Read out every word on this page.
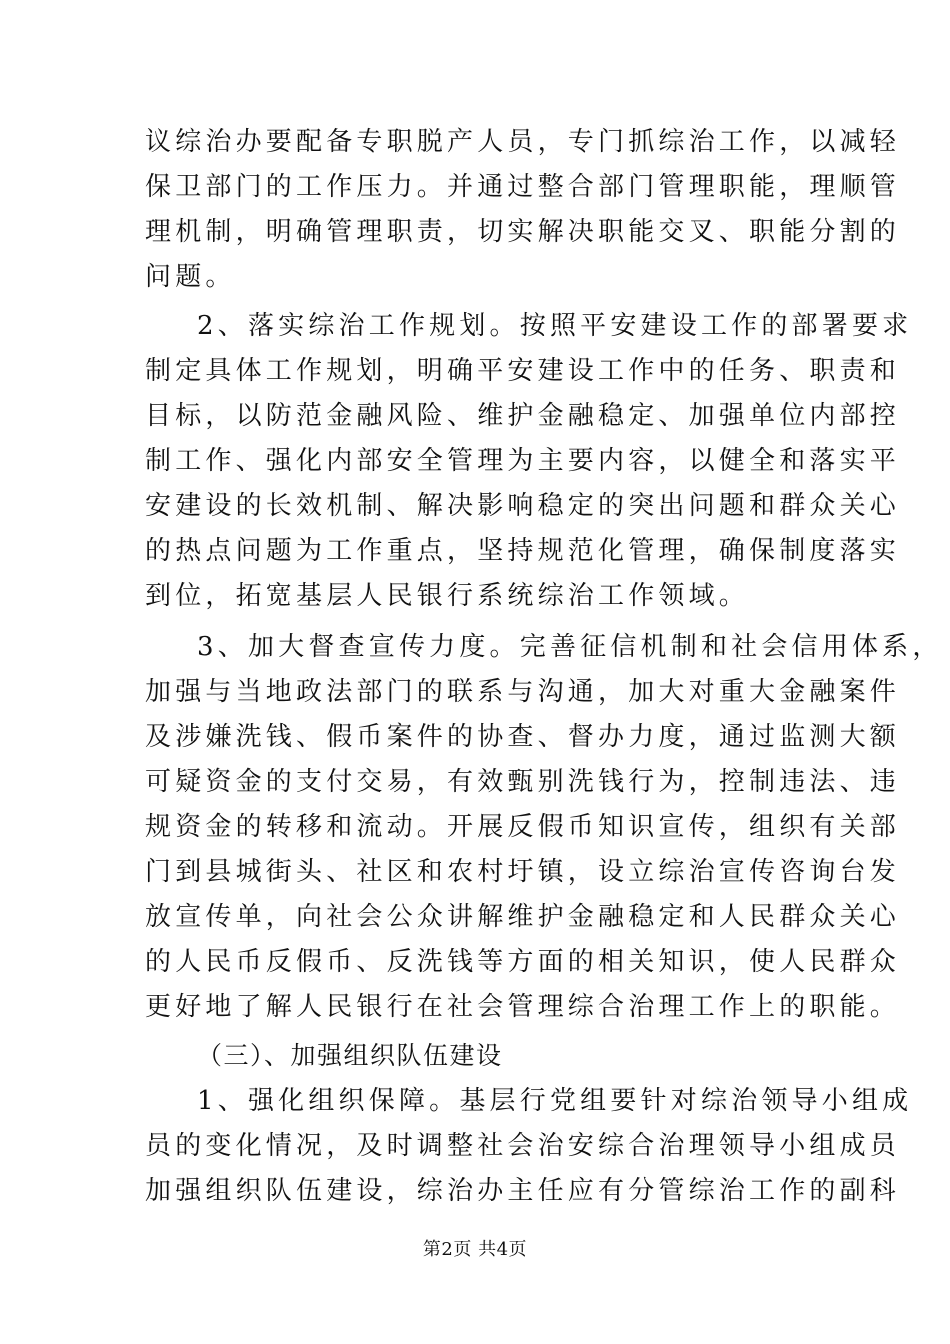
议综治办要配备专职脱产人员，专门抓综治工作，以减轻
保卫部门的工作压力。并通过整合部门管理职能，理顺管
理机制，明确管理职责，切实解决职能交叉、职能分割的
问题。
2、落实综治工作规划。按照平安建设工作的部署要求
制定具体工作规划，明确平安建设工作中的任务、职责和
目标，以防范金融风险、维护金融稳定、加强单位内部控
制工作、强化内部安全管理为主要内容，以健全和落实平
安建设的长效机制、解决影响稳定的突出问题和群众关心
的热点问题为工作重点，坚持规范化管理，确保制度落实
到位，拓宽基层人民银行系统综治工作领域。
3、加大督查宣传力度。完善征信机制和社会信用体系，
加强与当地政法部门的联系与沟通，加大对重大金融案件
及涉嫌洗钱、假币案件的协查、督办力度，通过监测大额
可疑资金的支付交易，有效甄别洗钱行为，控制违法、违
规资金的转移和流动。开展反假币知识宣传，组织有关部
门到县城街头、社区和农村圩镇，设立综治宣传咨询台发
放宣传单，向社会公众讲解维护金融稳定和人民群众关心
的人民币反假币、反洗钱等方面的相关知识，使人民群众
更好地了解人民银行在社会管理综合治理工作上的职能。
（三）、加强组织队伍建设
1、强化组织保障。基层行党组要针对综治领导小组成
员的变化情况，及时调整社会治安综合治理领导小组成员
加强组织队伍建设，综治办主任应有分管综治工作的副科
第2页 共4页
